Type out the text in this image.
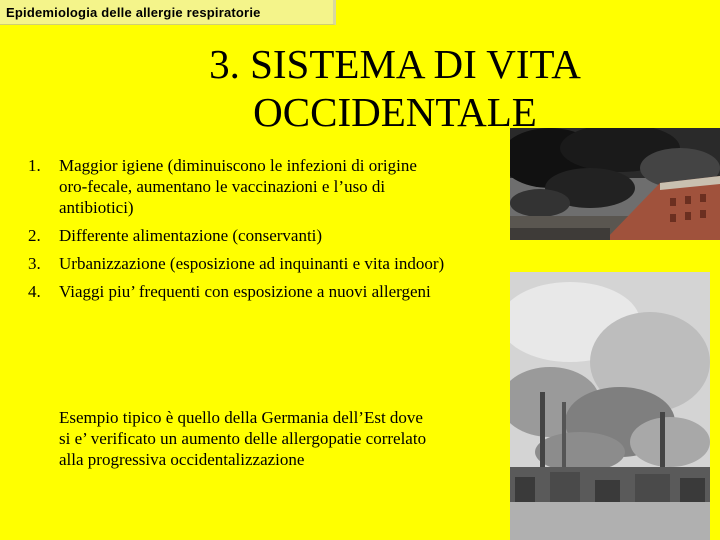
Epidemiologia delle allergie respiratorie
3. SISTEMA DI VITA
OCCIDENTALE
1. Maggior igiene (diminuiscono le infezioni di origine oro-fecale, aumentano le vaccinazioni e l’uso di antibiotici)
2. Differente alimentazione (conservanti)
3. Urbanizzazione (esposizione ad inquinanti e vita indoor)
4. Viaggi piu’ frequenti con esposizione a nuovi allergeni
Esempio tipico è quello della Germania dell’Est dove si e’ verificato un aumento delle allergopatie correlato alla progressiva occidentalizzazione
